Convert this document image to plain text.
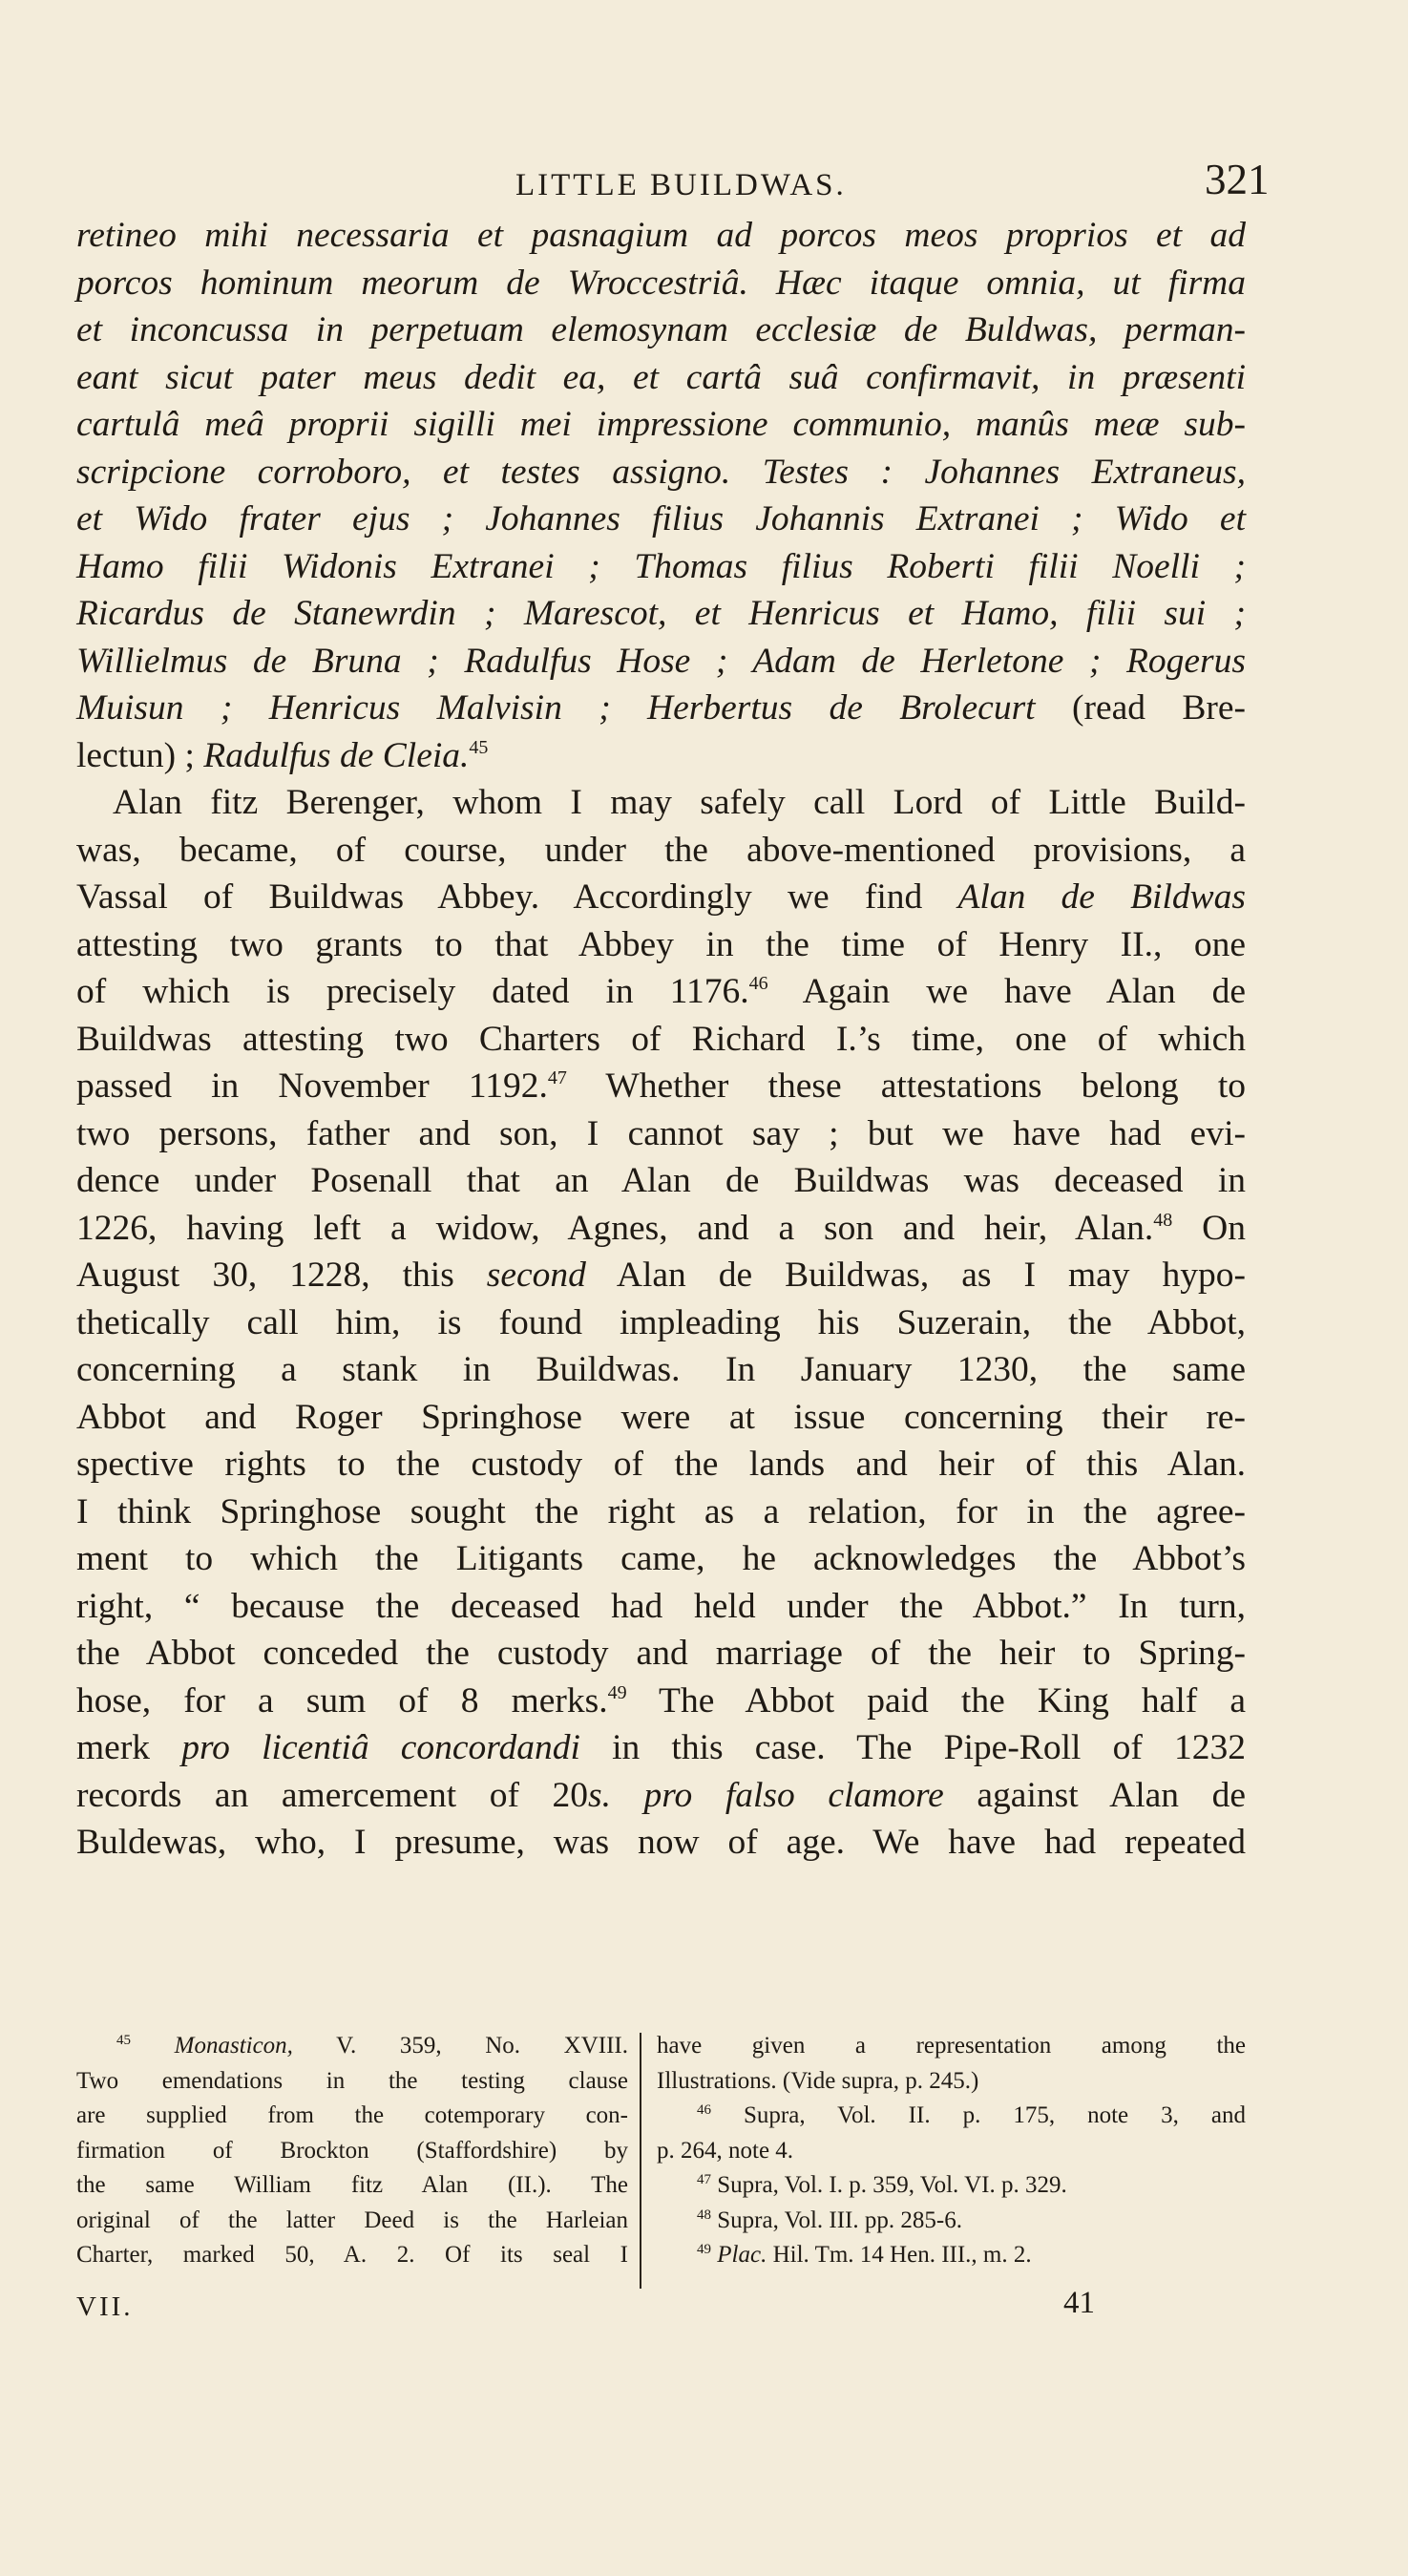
LITTLE BUILDWAS.	321
retineo mihi necessaria et pasnagium ad porcos meos proprios et ad
porcos hominum meorum de Wroccestriâ. Hæc itaque omnia, ut firma
et inconcussa in perpetuam elemosynam ecclesiæ de Buldwas, perman-
eant sicut pater meus dedit ea, et cartâ suâ confirmavit, in præsenti
cartulâ meâ proprii sigilli mei impressione communio, manûs meæ sub-
scripcione corroboro, et testes assigno. Testes : Johannes Extraneus,
et Wido frater ejus ; Johannes filius Johannis Extranei ; Wido et
Hamo filii Widonis Extranei ; Thomas filius Roberti filii Noelli ;
Ricardus de Stanewrdin ; Marescot, et Henricus et Hamo, filii sui ;
Willielmus de Bruna ; Radulfus Hose ; Adam de Herletone ; Rogerus
Muisun ; Henricus Malvisin ; Herbertus de Brolecurt (read Bre-
lectun) ; Radulfus de Cleia.$^{45}$
Alan fitz Berenger, whom I may safely call Lord of Little Build-
was, became, of course, under the above-mentioned provisions, a
Vassal of Buildwas Abbey. Accordingly we find Alan de Bildwas
attesting two grants to that Abbey in the time of Henry II., one
of which is precisely dated in 1176.46 Again we have Alan de
Buildwas attesting two Charters of Richard I.’s time, one of which
passed in November 1192.47 Whether these attestations belong to
two persons, father and son, I cannot say ; but we have had evi-
dence under Posenall that an Alan de Buildwas was deceased in
1226, having left a widow, Agnes, and a son and heir, Alan.$^{48}$ On
August 30, 1228, this second Alan de Buildwas, as I may hypo-
thetically call him, is found impleading his Suzerain, the Abbot,
concerning a stank in Buildwas. In January 1230, the same
Abbot and Roger Springhose were at issue concerning their re-
spective rights to the custody of the lands and heir of this Alan.
I think Springhose sought the right as a relation, for in the agree-
ment to which the Litigants came, he acknowledges the Abbot’s
right, “ because the deceased had held under the Abbot.” In turn,
the Abbot conceded the custody and marriage of the heir to Spring-
hose, for a sum of 8 merks.$^{49}$ The Abbot paid the King half a
merk pro licentiâ concordandi in this case. The Pipe-Roll of 1232
records an amercement of 20s. pro falso clamore against Alan de
Buldewas, who, I presume, was now of age. We have had repeated
$^{45}$ Monasticon, V. 359, No. XVIII.
Two emendations in the testing clause
are supplied from the cotemporary con-
firmation of Brockton (Staffordshire) by
the same William fitz Alan (II.). The
original of the latter Deed is the Harleian
Charter, marked 50, A. 2. Of its seal I
have given a representation among the
Illustrations. (Vide supra, p. 245.)
$^{46}$ Supra, Vol. II. p. 175, note 3, and
p. 264, note 4.
$^{47}$ Supra, Vol. I. p. 359, Vol. VI. p. 329.
$^{48}$ Supra, Vol. III. pp. 285-6.
$^{49}$ Plac. Hil. Tm. 14 Hen. III., m. 2.
VII.	41
